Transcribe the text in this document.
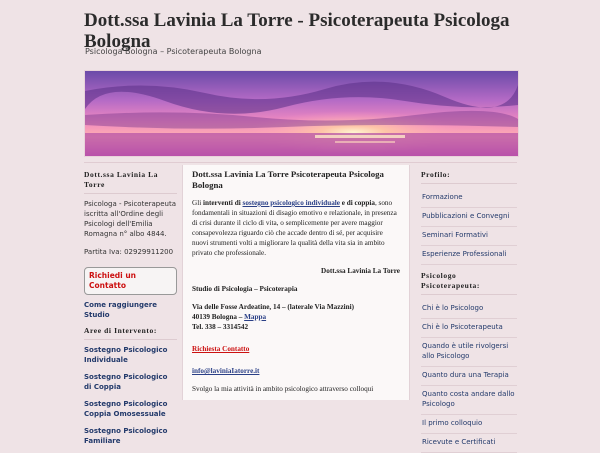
Dott.ssa Lavinia La Torre - Psicoterapeuta Psicologa Bologna
Psicologa Bologna – Psicoterapeuta Bologna
Dott.ssa Lavinia La Torre

Psicologa - Psicoterapeuta iscritta all'Ordine degli Psicologi dell'Emilia Romagna n° albo 4844.

Partita Iva: 02929911200

Richiedi un Contatto
Come raggiungere Studio
Aree di Intervento:
Sostegno Psicologico Individuale
Sostegno Psicologico di Coppia
Sostegno Psicologico Coppia Omosessuale
Sostegno Psicologico Familiare
Dott.ssa Lavinia La Torre Psicoterapeuta Psicologa Bologna

Gli interventi di sostegno psicologico individuale e di coppia, sono fondamentali in situazioni di disagio emotivo e relazionale, in presenza di crisi durante il ciclo di vita, o semplicemente per avere maggior consapevolezza riguardo ciò che accade dentro di sé, per acquisire nuovi strumenti volti a migliorare la qualità della vita sia in ambito privato che professionale.

Dott.ssa Lavinia La Torre

Studio di Psicologia – Psicoterapia

Via delle Fosse Ardeatine, 14 – (laterale Via Mazzini)

40139 Bologna – Mappa

Tel. 338 – 3314542

Richiesta Contatto

info@laviniaIatorre.it

Svolgo la mia attività in ambito psicologico attraverso colloqui

Profilo:
Formazione
Pubblicazioni e Convegni
Seminari Formativi
Esperienze Professionali
Psicologo Psicoterapeuta:
Chi è lo Psicologo
Chi è lo Psicoterapeuta
Quando è utile rivolgersi allo Psicologo
Quanto dura una Terapia
Quanto costa andare dallo Psicologo
Il primo colloquio
Ricevute e Certificati
